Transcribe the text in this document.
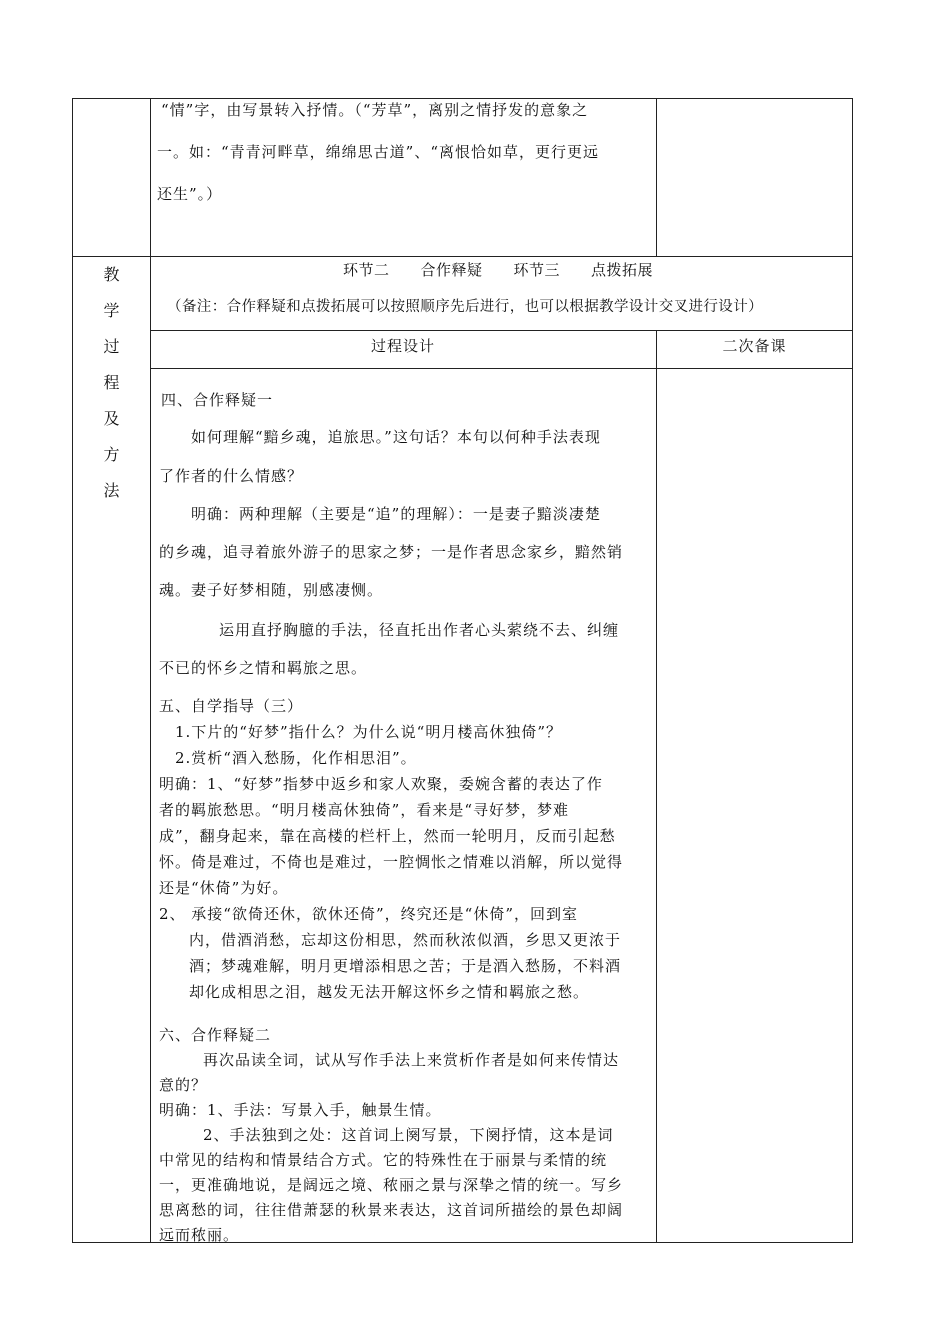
“情”字，由写景转入抒情。（“芳草”，离别之情抒发的意象之
一。如：“青青河畔草，绵绵思古道”、“离恨恰如草，更行更远
还生”。）
教
学
过
程
及
方
法
环节二　　合作释疑　　环节三　　点拨拓展
（备注：合作释疑和点拨拓展可以按照顺序先后进行，也可以根据教学设计交叉进行设计）
过程设计	二次备课
四、合作释疑一
如何理解“黯乡魂，追旅思。”这句话？本句以何种手法表现
了作者的什么情感？
明确：两种理解（主要是“追”的理解）：一是妻子黯淡凄楚
的乡魂，追寻着旅外游子的思家之梦；一是作者思念家乡，黯然销
魂。妻子好梦相随，别感凄恻。
运用直抒胸臆的手法，径直托出作者心头萦绕不去、纠缠
不已的怀乡之情和羁旅之思。
五、自学指导（三）
1.下片的“好梦”指什么？为什么说“明月楼高休独倚”？
2.赏析“酒入愁肠，化作相思泪”。
明确：1、“好梦”指梦中返乡和家人欢聚，委婉含蓄的表达了作
者的羁旅愁思。“明月楼高休独倚”，看来是“寻好梦，梦难
成”，翻身起来，靠在高楼的栏杆上，然而一轮明月，反而引起愁
怀。倚是难过，不倚也是难过，一腔惆怅之情难以消解，所以觉得
还是“休倚”为好。
2、 承接“欲倚还休，欲休还倚”，终究还是“休倚”，回到室
内，借酒消愁，忘却这份相思，然而秋浓似酒，乡思又更浓于
酒；梦魂难解，明月更增添相思之苦；于是酒入愁肠，不料酒
却化成相思之泪，越发无法开解这怀乡之情和羁旅之愁。
六、合作释疑二
再次品读全词，试从写作手法上来赏析作者是如何来传情达
意的？
明确：1、手法：写景入手，触景生情。
2、手法独到之处：这首词上阕写景，下阕抒情，这本是词
中常见的结构和情景结合方式。它的特殊性在于丽景与柔情的统
一，更准确地说，是阔远之境、秾丽之景与深挚之情的统一。写乡
思离愁的词，往往借萧瑟的秋景来表达，这首词所描绘的景色却阔
远而秾丽。
